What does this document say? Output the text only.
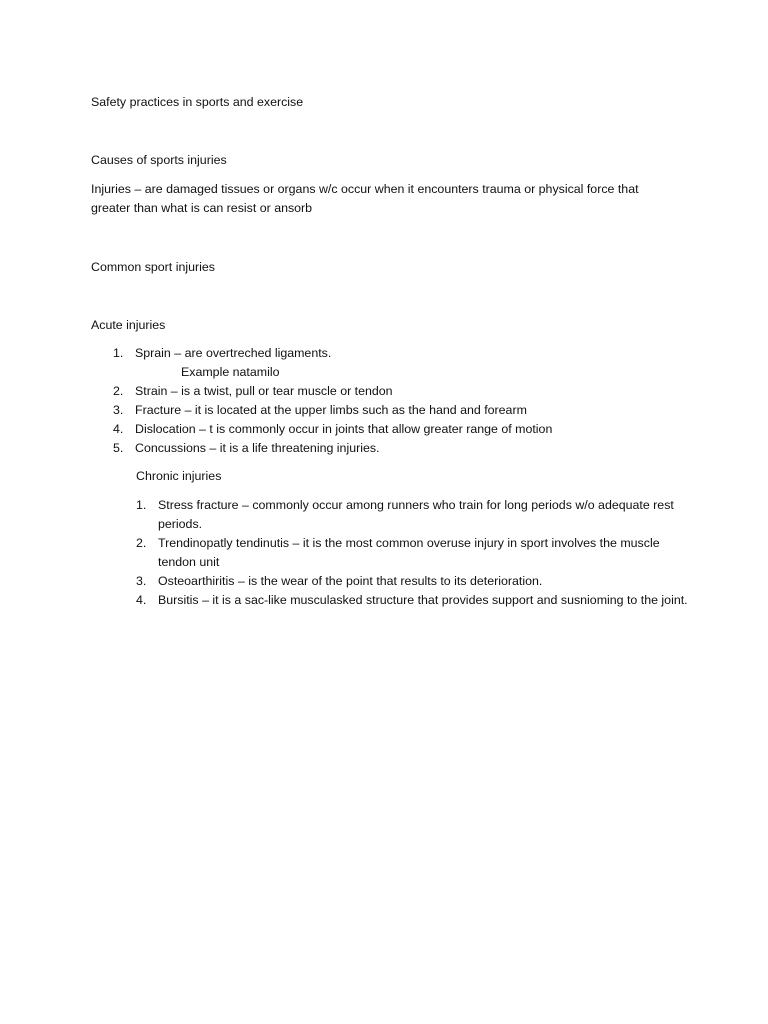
Safety practices in sports and exercise

Causes of sports injuries

Injuries – are damaged tissues or organs w/c occur when it encounters trauma or physical force that greater than what is can resist or ansorb

Common sport injuries

Acute injuries

1. Sprain – are overtreched ligaments.
Example natamilo
2. Strain – is a twist, pull or tear muscle or tendon
3. Fracture – it is located at the upper limbs such as the hand and forearm
4. Dislocation – t is commonly occur in joints that allow greater range of motion
5. Concussions – it is a life threatening injuries.

Chronic injuries

1. Stress fracture – commonly occur among runners who train for long periods w/o adequate rest periods.
2. Trendinopatly tendinutis – it is the most common overuse injury in sport involves the muscle tendon unit
3. Osteoarthiritis – is the wear of the point that results to its deterioration.
4. Bursitis – it is a sac-like musculasked structure that provides support and susnioming to the joint.
